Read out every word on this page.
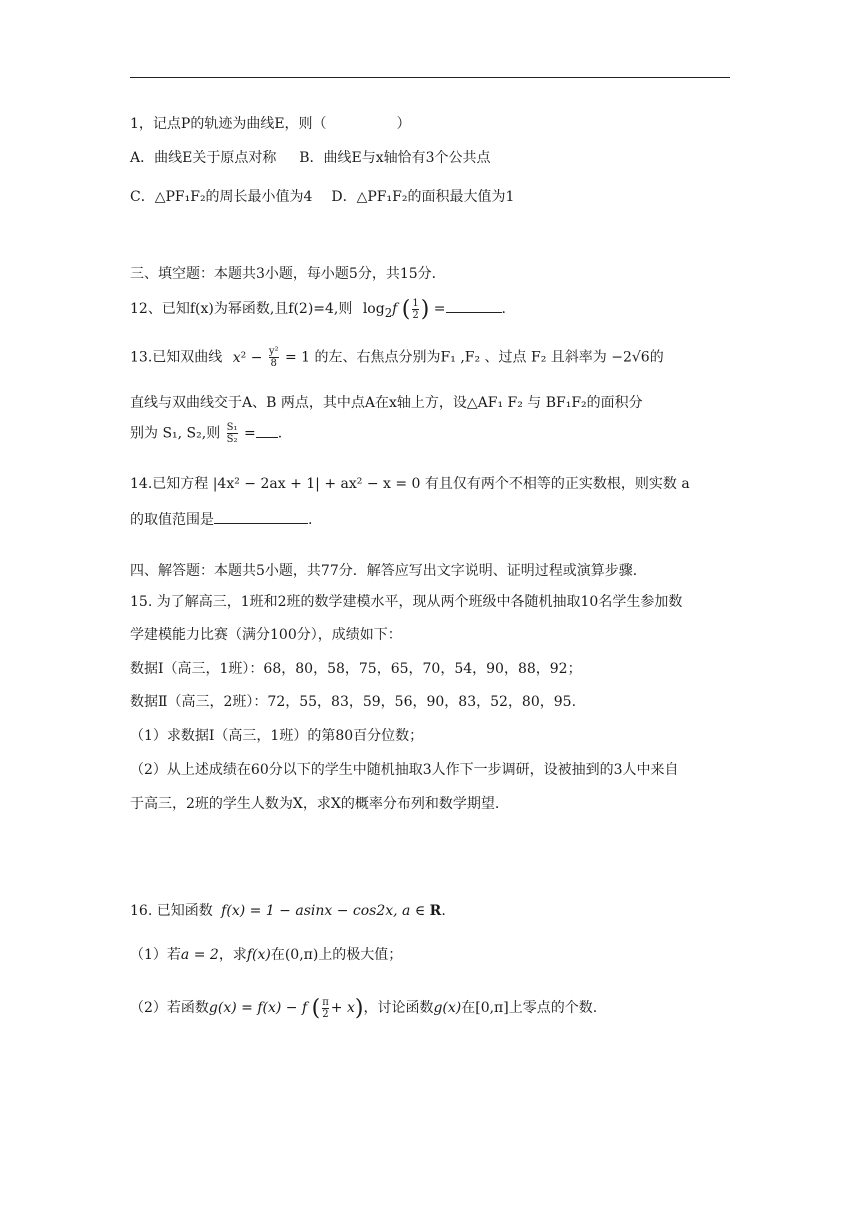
1，记点P的轨迹为曲线E，则（　　　　　）
A．曲线E关于原点对称 B．曲线E与x轴恰有3个公共点
C．△PF₁F₂的周长最小值为4 D．△PF₁F₂的面积最大值为1
三、填空题：本题共3小题，每小题5分，共15分．
12、已知f(x)为幂函数,且f(2)=4,则 $\log_2f$ ( $\frac{1}{2}$ ) =	.
13.已知双曲线 $x^2 - \frac{\text{y²}}{8} = 1$ 的左、右焦点分别为F₁ ,F₂ 、过点 F₂ 且斜率为 −2√6的
直线与双曲线交于A、B 两点，其中点A在x轴上方，设△AF₁ F₂ 与 BF₁F₂的面积分
别为 S₁, S₂,则 $\frac{\text{S₁}}{\text{S₂}}$ = .
14.已知方程 |4x² − 2ax + 1| + ax² − x = 0 有且仅有两个不相等的正实数根，则实数 a
的取值范围是	.
四、解答题：本题共5小题，共77分．解答应写出文字说明、证明过程或演算步骤．
15. 为了解高三，1班和2班的数学建模水平，现从两个班级中各随机抽取10名学生参加数
学建模能力比赛（满分100分），成绩如下：
数据Ⅰ（高三，1班）：68，80，58，75，65，70，54，90，88，92；
数据Ⅱ（高三，2班）：72，55，83，59，56，90，83，52，80，95.
（1）求数据Ⅰ（高三，1班）的第80百分位数；
（2）从上述成绩在60分以下的学生中随机抽取3人作下一步调研，设被抽到的3人中来自
于高三，2班的学生人数为X，求X的概率分布列和数学期望.
16. 已知函数 f(x) = 1 − asinx − cos2x, a ∈ R.
（1）若a = 2，求f(x)在(0,π)上的极大值；
（2）若函数g(x) = f(x) − f ( $\frac{\pi}{2} + x$)，讨论函数g(x)在[0,π]上零点的个数.
